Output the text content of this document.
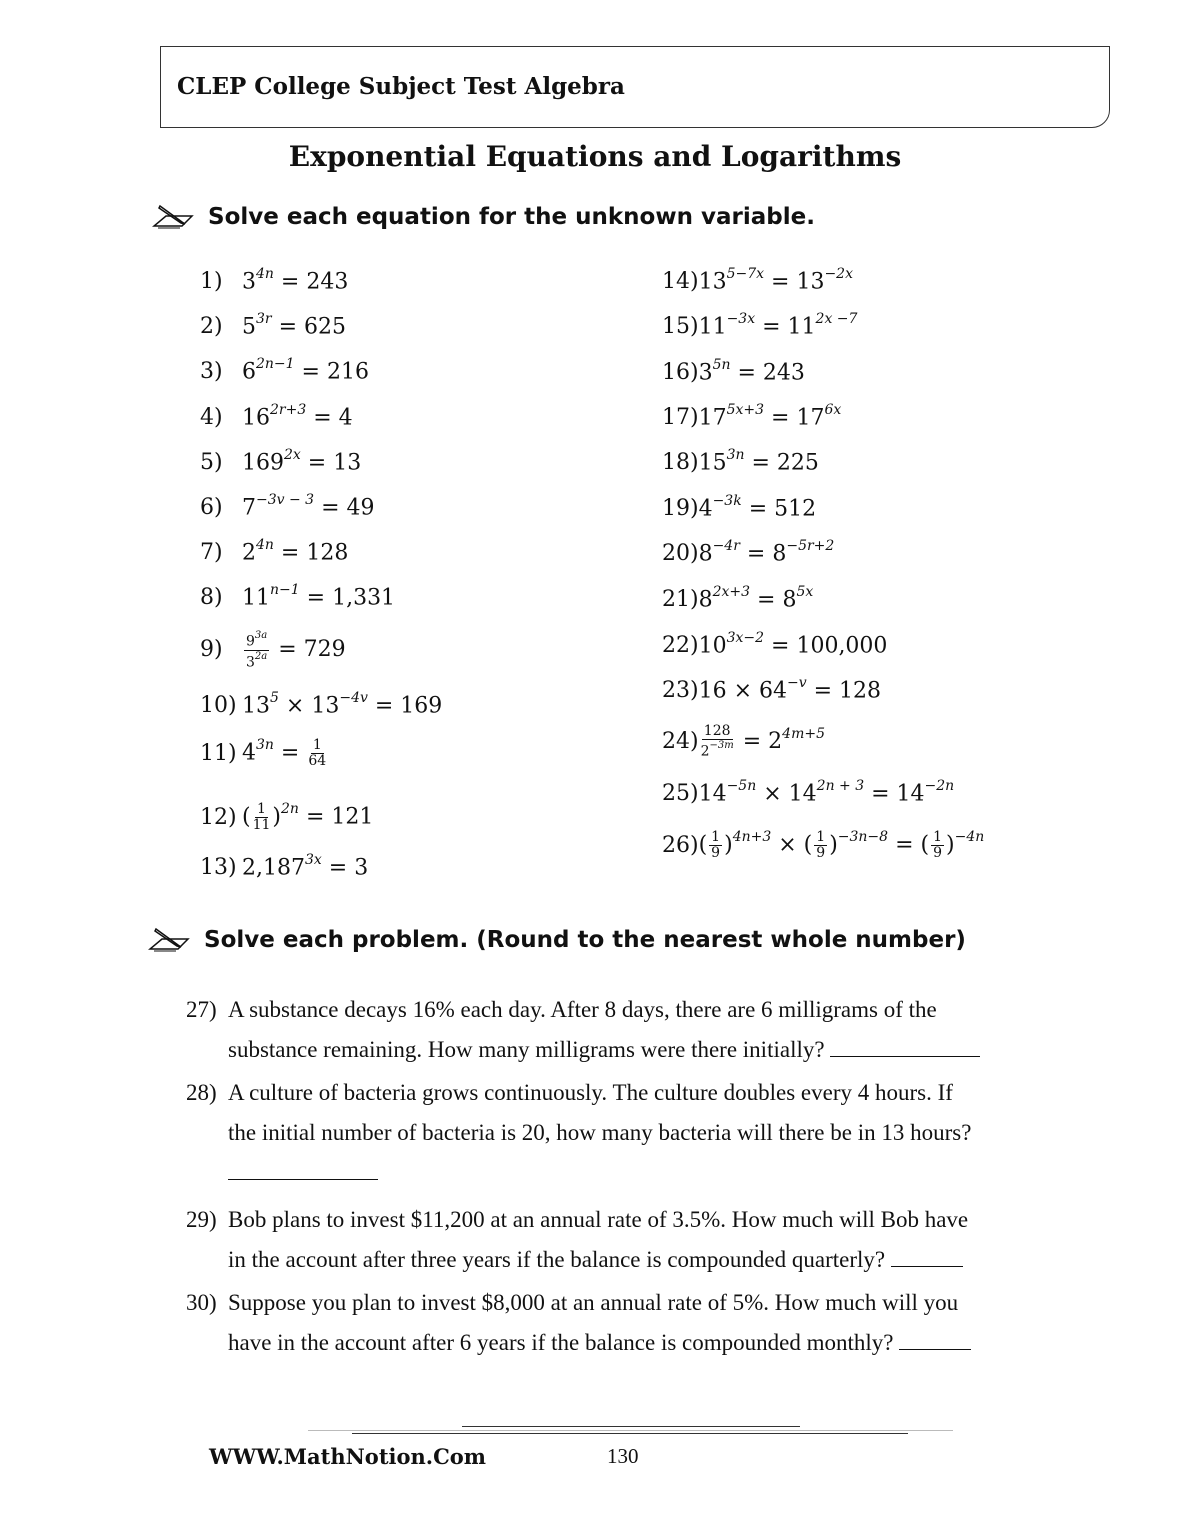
CLEP College Subject Test Algebra
Exponential Equations and Logarithms
Solve each equation for the unknown variable.
1) $3^{4n} = 243$
2) $5^{3r} = 625$
3) $6^{2n-1} = 216$
4) $16^{2r+3} = 4$
5) $169^{2x} = 13$
6) $7^{-3v - 3} = 49$
7) $2^{4n} = 128$
8) $11^{n-1} = 1,331$
$9) \frac{9^{3a}}{3^{2a}} = 729$
10) $13^5 \times 13^{-4v} = 169$
11) $4^{3n} = \frac{1}{64}$
12) ( $\frac{1}{11} )^{2n} = 121$
13) $2,187^{3x} = 3$
$14)13^{5-7x} = 13^{-2x}$
$15)11^{-3x} = 11^{2x -7}$
$16)3^{5n} = 243$
$17)17^{5x+3} = 17^{6x}$
$18)15^{3n} = 225$
$19)4^{-3k} = 512$
$20)8^{-4r} = 8^{-5r+2}$
$21)8^{2x+3} = 8^{5x}$
$22)10^{3x-2} = 100,000$
$23)16 \times 64^{-v} = 128$
$24) \frac{128}{2^{-3m}} = 2^{4m+5}$
$25)14^{-5n} \times 14^{2n + 3} = 14^{-2n}$
$26)( \frac{1}{9} )^{4n+3}$ × ( $\frac{1}{9} )^{-3n-8}$ = ( $\frac{1}{9} )^{-4n}$
Solve each problem. (Round to the nearest whole number)
27) A substance decays 16% each day. After 8 days, there are 6 milligrams of the
substance remaining. How many milligrams were there initially?
28) A culture of bacteria grows continuously. The culture doubles every 4 hours. If
the initial number of bacteria is 20, how many bacteria will there be in 13 hours?
29) Bob plans to invest $11,200 at an annual rate of 3.5%. How much will Bob have
in the account after three years if the balance is compounded quarterly?
30) Suppose you plan to invest $8,000 at an annual rate of 5%. How much will you
have in the account after 6 years if the balance is compounded monthly?
WWW.MathNotion.Com	130
